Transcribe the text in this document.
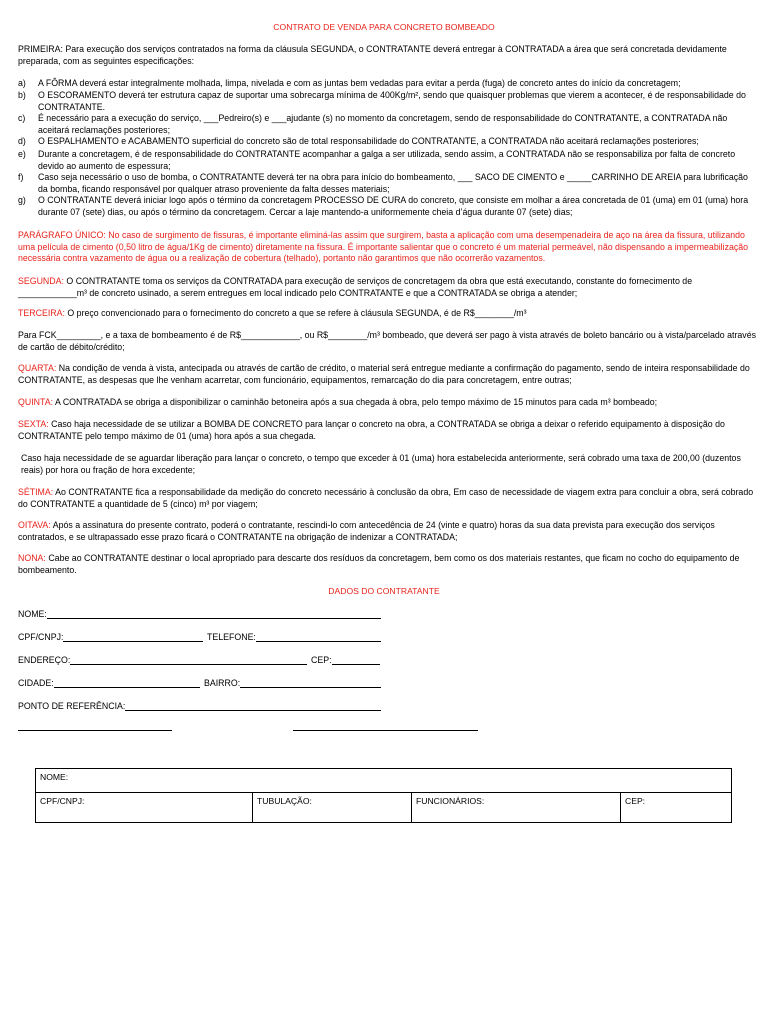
CONTRATO DE VENDA PARA CONCRETO BOMBEADO
PRIMEIRA: Para execução dos serviços contratados na forma da cláusula SEGUNDA, o CONTRATANTE deverá entregar à CONTRATADA a área que será concretada devidamente preparada, com as seguintes especificações:
a) A FÔRMA deverá estar integralmente molhada, limpa, nivelada e com as juntas bem vedadas para evitar a perda (fuga) de concreto antes do início da concretagem;
b) O ESCORAMENTO deverá ter estrutura capaz de suportar uma sobrecarga mínima de 400Kg/m², sendo que quaisquer problemas que vierem a acontecer, é de responsabilidade do CONTRATANTE.
c) É necessário para a execução do serviço, ___Pedreiro(s) e ___ajudante (s) no momento da concretagem, sendo de responsabilidade do CONTRATANTE, a CONTRATADA não aceitará reclamações posteriores;
d) O ESPALHAMENTO e ACABAMENTO superficial do concreto são de total responsabilidade do CONTRATANTE, a CONTRATADA não aceitará reclamações posteriores;
e) Durante a concretagem, é de responsabilidade do CONTRATANTE acompanhar a galga a ser utilizada, sendo assim, a CONTRATADA não se responsabiliza por falta de concreto devido ao aumento de espessura;
f) Caso seja necessário o uso de bomba, o CONTRATANTE deverá ter na obra para início do bombeamento, ___ SACO DE CIMENTO e _____CARRINHO DE AREIA para lubrificação da bomba, ficando responsável por qualquer atraso proveniente da falta desses materiais;
g) O CONTRATANTE deverá iniciar logo após o término da concretagem PROCESSO DE CURA do concreto, que consiste em molhar a área concretada de 01 (uma) em 01 (uma) hora durante 07 (sete) dias, ou após o término da concretagem. Cercar a laje mantendo-a uniformemente cheia d’água durante 07 (sete) dias;
PARÁGRAFO ÚNICO: No caso de surgimento de fissuras, é importante eliminá-las assim que surgirem, basta a aplicação com uma desempenadeira de aço na área da fissura, utilizando uma película de cimento (0,50 litro de água/1Kg de cimento) diretamente na fissura. É importante salientar que o concreto é um material permeável, não dispensando a impermeabilização necessária contra vazamento de água ou a realização de cobertura (telhado), portanto não garantimos que não ocorrerão vazamentos.
SEGUNDA: O CONTRATANTE toma os serviços da CONTRATADA para execução de serviços de concretagem da obra que está executando, constante do fornecimento de ____________m³ de concreto usinado, a serem entregues em local indicado pelo CONTRATANTE e que a CONTRATADA se obriga a atender;
TERCEIRA: O preço convencionado para o fornecimento do concreto a que se refere à cláusula SEGUNDA, é de R$________/m³
Para FCK_________, e a taxa de bombeamento é de R$____________, ou R$________/m³ bombeado, que deverá ser pago à vista através de boleto bancário ou à vista/parcelado através de cartão de débito/crédito;
QUARTA: Na condição de venda à vista, antecipada ou através de cartão de crédito, o material será entregue mediante a confirmação do pagamento, sendo de inteira responsabilidade do CONTRATANTE, as despesas que lhe venham acarretar, com funcionário, equipamentos, remarcação do dia para concretagem, entre outras;
QUINTA: A CONTRATADA se obriga a disponibilizar o caminhão betoneira após a sua chegada à obra, pelo tempo máximo de 15 minutos para cada m³ bombeado;
SEXTA: Caso haja necessidade de se utilizar a BOMBA DE CONCRETO para lançar o concreto na obra, a CONTRATADA se obriga a deixar o referido equipamento à disposição do CONTRATANTE pelo tempo máximo de 01 (uma) hora após a sua chegada.
Caso haja necessidade de se aguardar liberação para lançar o concreto, o tempo que exceder à 01 (uma) hora estabelecida anteriormente, será cobrado uma taxa de 200,00 (duzentos reais) por hora ou fração de hora excedente;
SÉTIMA: Ao CONTRATANTE fica a responsabilidade da medição do concreto necessário à conclusão da obra, Em caso de necessidade de viagem extra para concluir a obra, será cobrado do CONTRATANTE a quantidade de 5 (cinco) m³ por viagem;
OITAVA: Após a assinatura do presente contrato, poderá o contratante, rescindi-lo com antecedência de 24 (vinte e quatro) horas da sua data prevista para execução dos serviços contratados, e se ultrapassado esse prazo ficará o CONTRATANTE na obrigação de indenizar a CONTRATADA;
NONA: Cabe ao CONTRATANTE destinar o local apropriado para descarte dos resíduos da concretagem, bem como os dos materiais restantes, que ficam no cocho do equipamento de bombeamento.
DADOS DO CONTRATANTE
NOME:
CPF/CNPJ:	TELEFONE:
ENDEREÇO:	CEP:
CIDADE:	BAIRRO:
PONTO DE REFERÊNCIA:
NOME:
CPF/CNPJ:	TUBULAÇÃO:	FUNCIONÁRIOS:	CEP:
